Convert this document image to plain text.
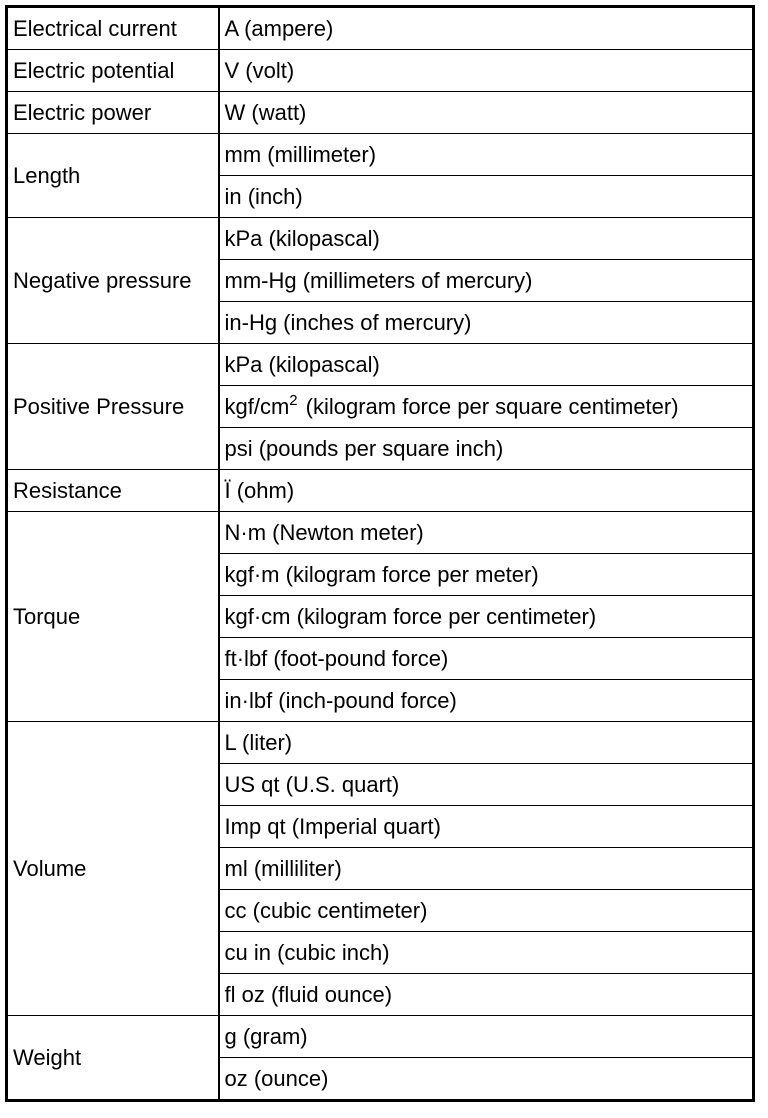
Electrical current	A (ampere)
Electric potential	V (volt)
Electric power	W (watt)
Length	mm (millimeter)
	in (inch)
Negative pressure	kPa (kilopascal)
	mm-Hg (millimeters of mercury)
	in-Hg (inches of mercury)
Positive Pressure	kPa (kilopascal)
	kgf/$cm^2$ (kilogram force per square centimeter)
	psi (pounds per square inch)
Resistance	Ï (ohm)
Torque	N·m (Newton meter)
	kgf·m (kilogram force per meter)
	kgf·cm (kilogram force per centimeter)
	ft·lbf (foot-pound force)
	in·lbf (inch-pound force)
Volume	L (liter)
	US qt (U.S. quart)
	Imp qt (Imperial quart)
	ml (milliliter)
	cc (cubic centimeter)
	cu in (cubic inch)
	fl oz (fluid ounce)
Weight	g (gram)
	oz (ounce)
